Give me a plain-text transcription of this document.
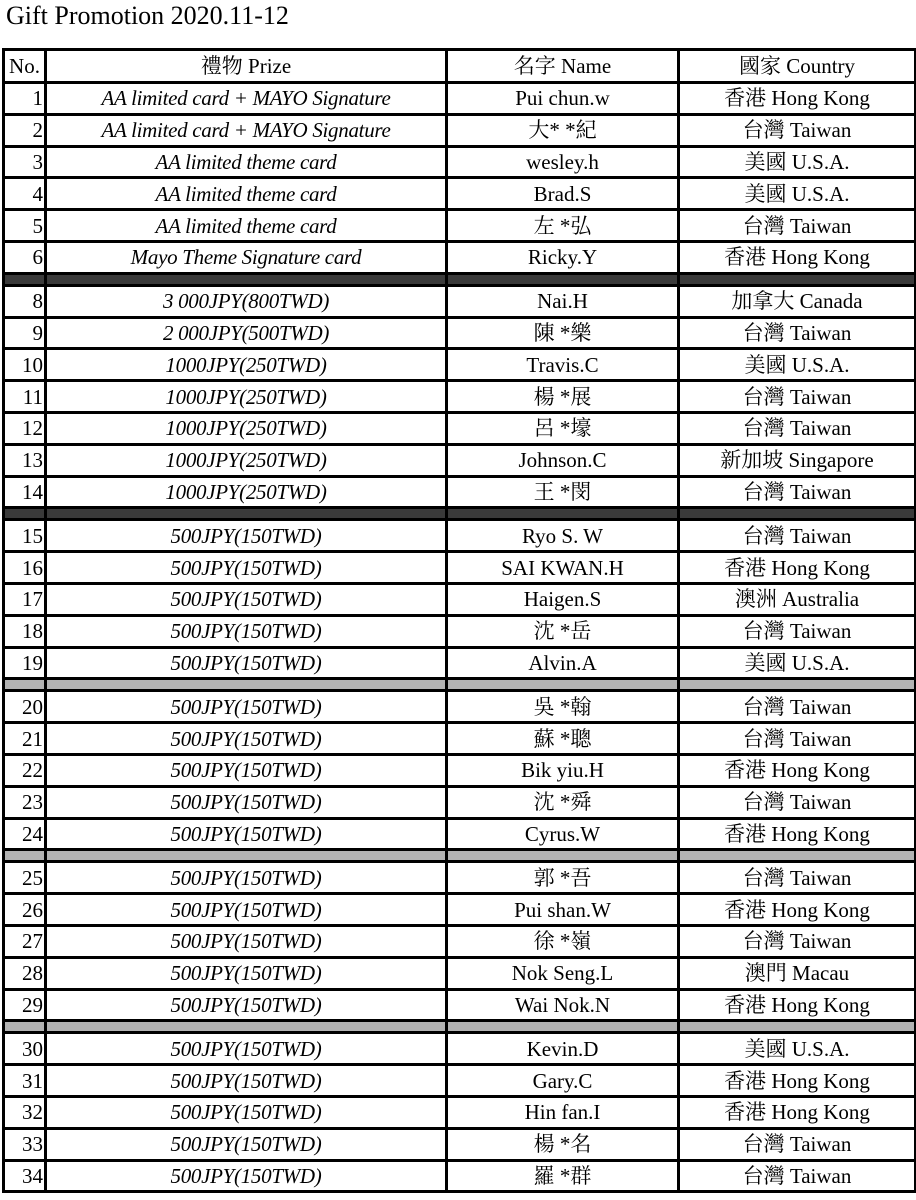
Gift Promotion 2020.11-12
No.	禮物 Prize	名字 Name	國家 Country
1	AA limited card + MAYO Signature	Pui chun.w	香港 Hong Kong
2	AA limited card + MAYO Signature	大* *紀	台灣 Taiwan
3	AA limited theme card	wesley.h	美國 U.S.A.
4	AA limited theme card	Brad.S	美國 U.S.A.
5	AA limited theme card	左 *弘	台灣 Taiwan
6	Mayo Theme Signature card	Ricky.Y	香港 Hong Kong

8	3 000JPY(800TWD)	Nai.H	加拿大 Canada
9	2 000JPY(500TWD)	陳 *樂	台灣 Taiwan
10	1000JPY(250TWD)	Travis.C	美國 U.S.A.
11	1000JPY(250TWD)	楊 *展	台灣 Taiwan
12	1000JPY(250TWD)	呂 *壕	台灣 Taiwan
13	1000JPY(250TWD)	Johnson.C	新加坡 Singapore
14	1000JPY(250TWD)	王 *閔	台灣 Taiwan

15	500JPY(150TWD)	Ryo S. W	台灣 Taiwan
16	500JPY(150TWD)	SAI KWAN.H	香港 Hong Kong
17	500JPY(150TWD)	Haigen.S	澳洲 Australia
18	500JPY(150TWD)	沈 *岳	台灣 Taiwan
19	500JPY(150TWD)	Alvin.A	美國 U.S.A.

20	500JPY(150TWD)	吳 *翰	台灣 Taiwan
21	500JPY(150TWD)	蘇 *聰	台灣 Taiwan
22	500JPY(150TWD)	Bik yiu.H	香港 Hong Kong
23	500JPY(150TWD)	沈 *舜	台灣 Taiwan
24	500JPY(150TWD)	Cyrus.W	香港 Hong Kong

25	500JPY(150TWD)	郭 *吾	台灣 Taiwan
26	500JPY(150TWD)	Pui shan.W	香港 Hong Kong
27	500JPY(150TWD)	徐 *嶺	台灣 Taiwan
28	500JPY(150TWD)	Nok Seng.L	澳門 Macau
29	500JPY(150TWD)	Wai Nok.N	香港 Hong Kong

30	500JPY(150TWD)	Kevin.D	美國 U.S.A.
31	500JPY(150TWD)	Gary.C	香港 Hong Kong
32	500JPY(150TWD)	Hin fan.I	香港 Hong Kong
33	500JPY(150TWD)	楊 *名	台灣 Taiwan
34	500JPY(150TWD)	羅 *群	台灣 Taiwan
